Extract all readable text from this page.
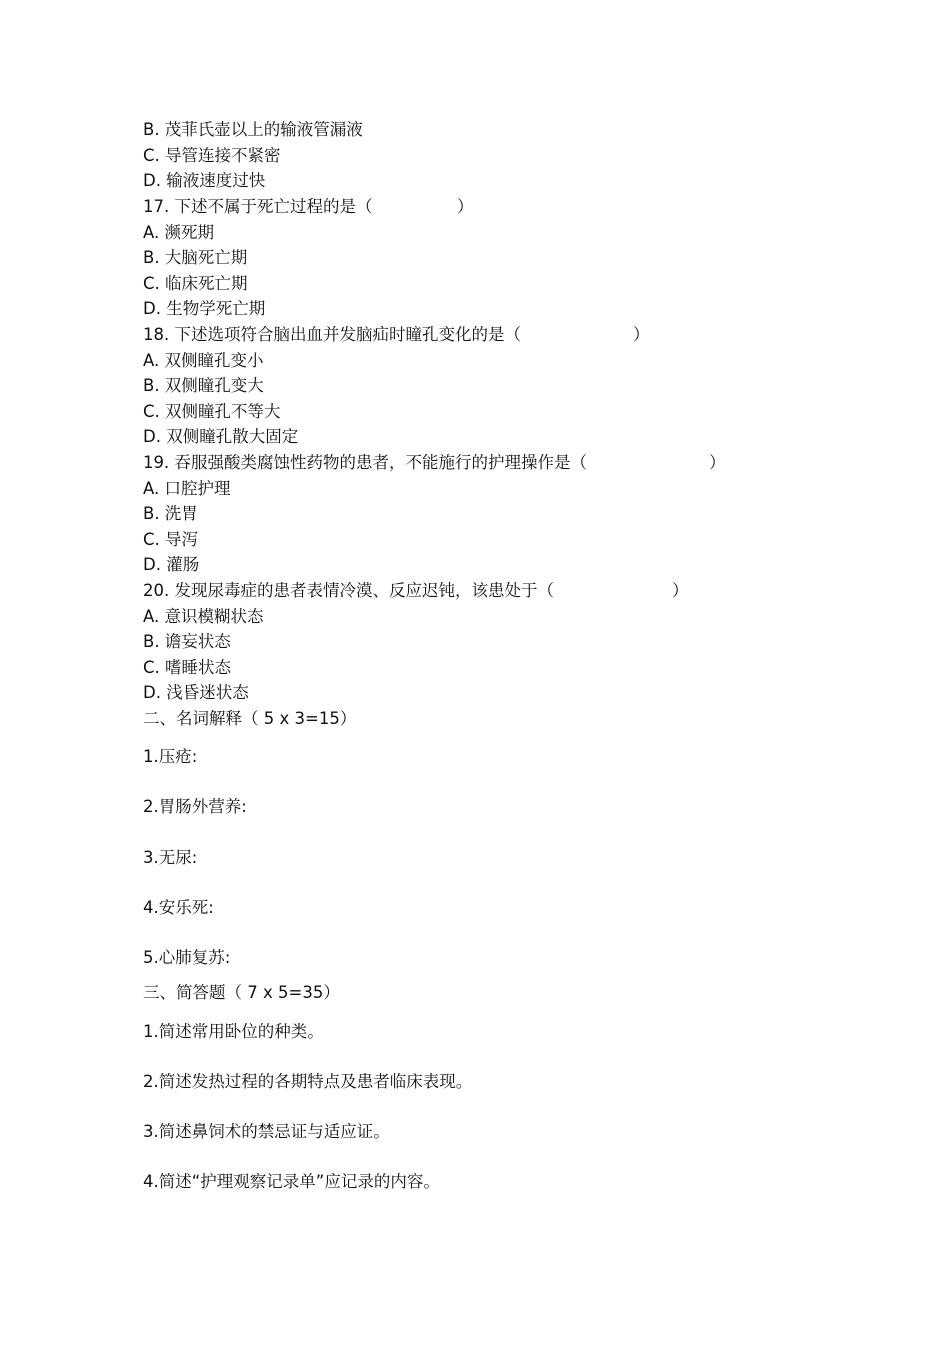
B. 茂菲氏壶以上的输液管漏液
C. 导管连接不紧密
D. 输液速度过快
17. 下述不属于死亡过程的是（	）
A. 濒死期
B. 大脑死亡期
C. 临床死亡期
D. 生物学死亡期
18. 下述选项符合脑出血并发脑疝时瞳孔变化的是（	）
A. 双侧瞳孔变小
B. 双侧瞳孔变大
C. 双侧瞳孔不等大
D. 双侧瞳孔散大固定
19. 吞服强酸类腐蚀性药物的患者，不能施行的护理操作是（	）
A. 口腔护理
B. 洗胃
C. 导泻
D. 灌肠
20. 发现尿毒症的患者表情冷漠、反应迟钝，该患处于（	）
A. 意识模糊状态
B. 谵妄状态
C. 嗜睡状态
D. 浅昏迷状态
二、名词解释（ 5 x 3=15）
1.压疮:
2.胃肠外营养:
3.无尿:
4.安乐死:
5.心肺复苏:
三、简答题（ 7 x 5=35）
1.简述常用卧位的种类。
2.简述发热过程的各期特点及患者临床表现。
3.简述鼻饲术的禁忌证与适应证。
4.简述“护理观察记录单”应记录的内容。
